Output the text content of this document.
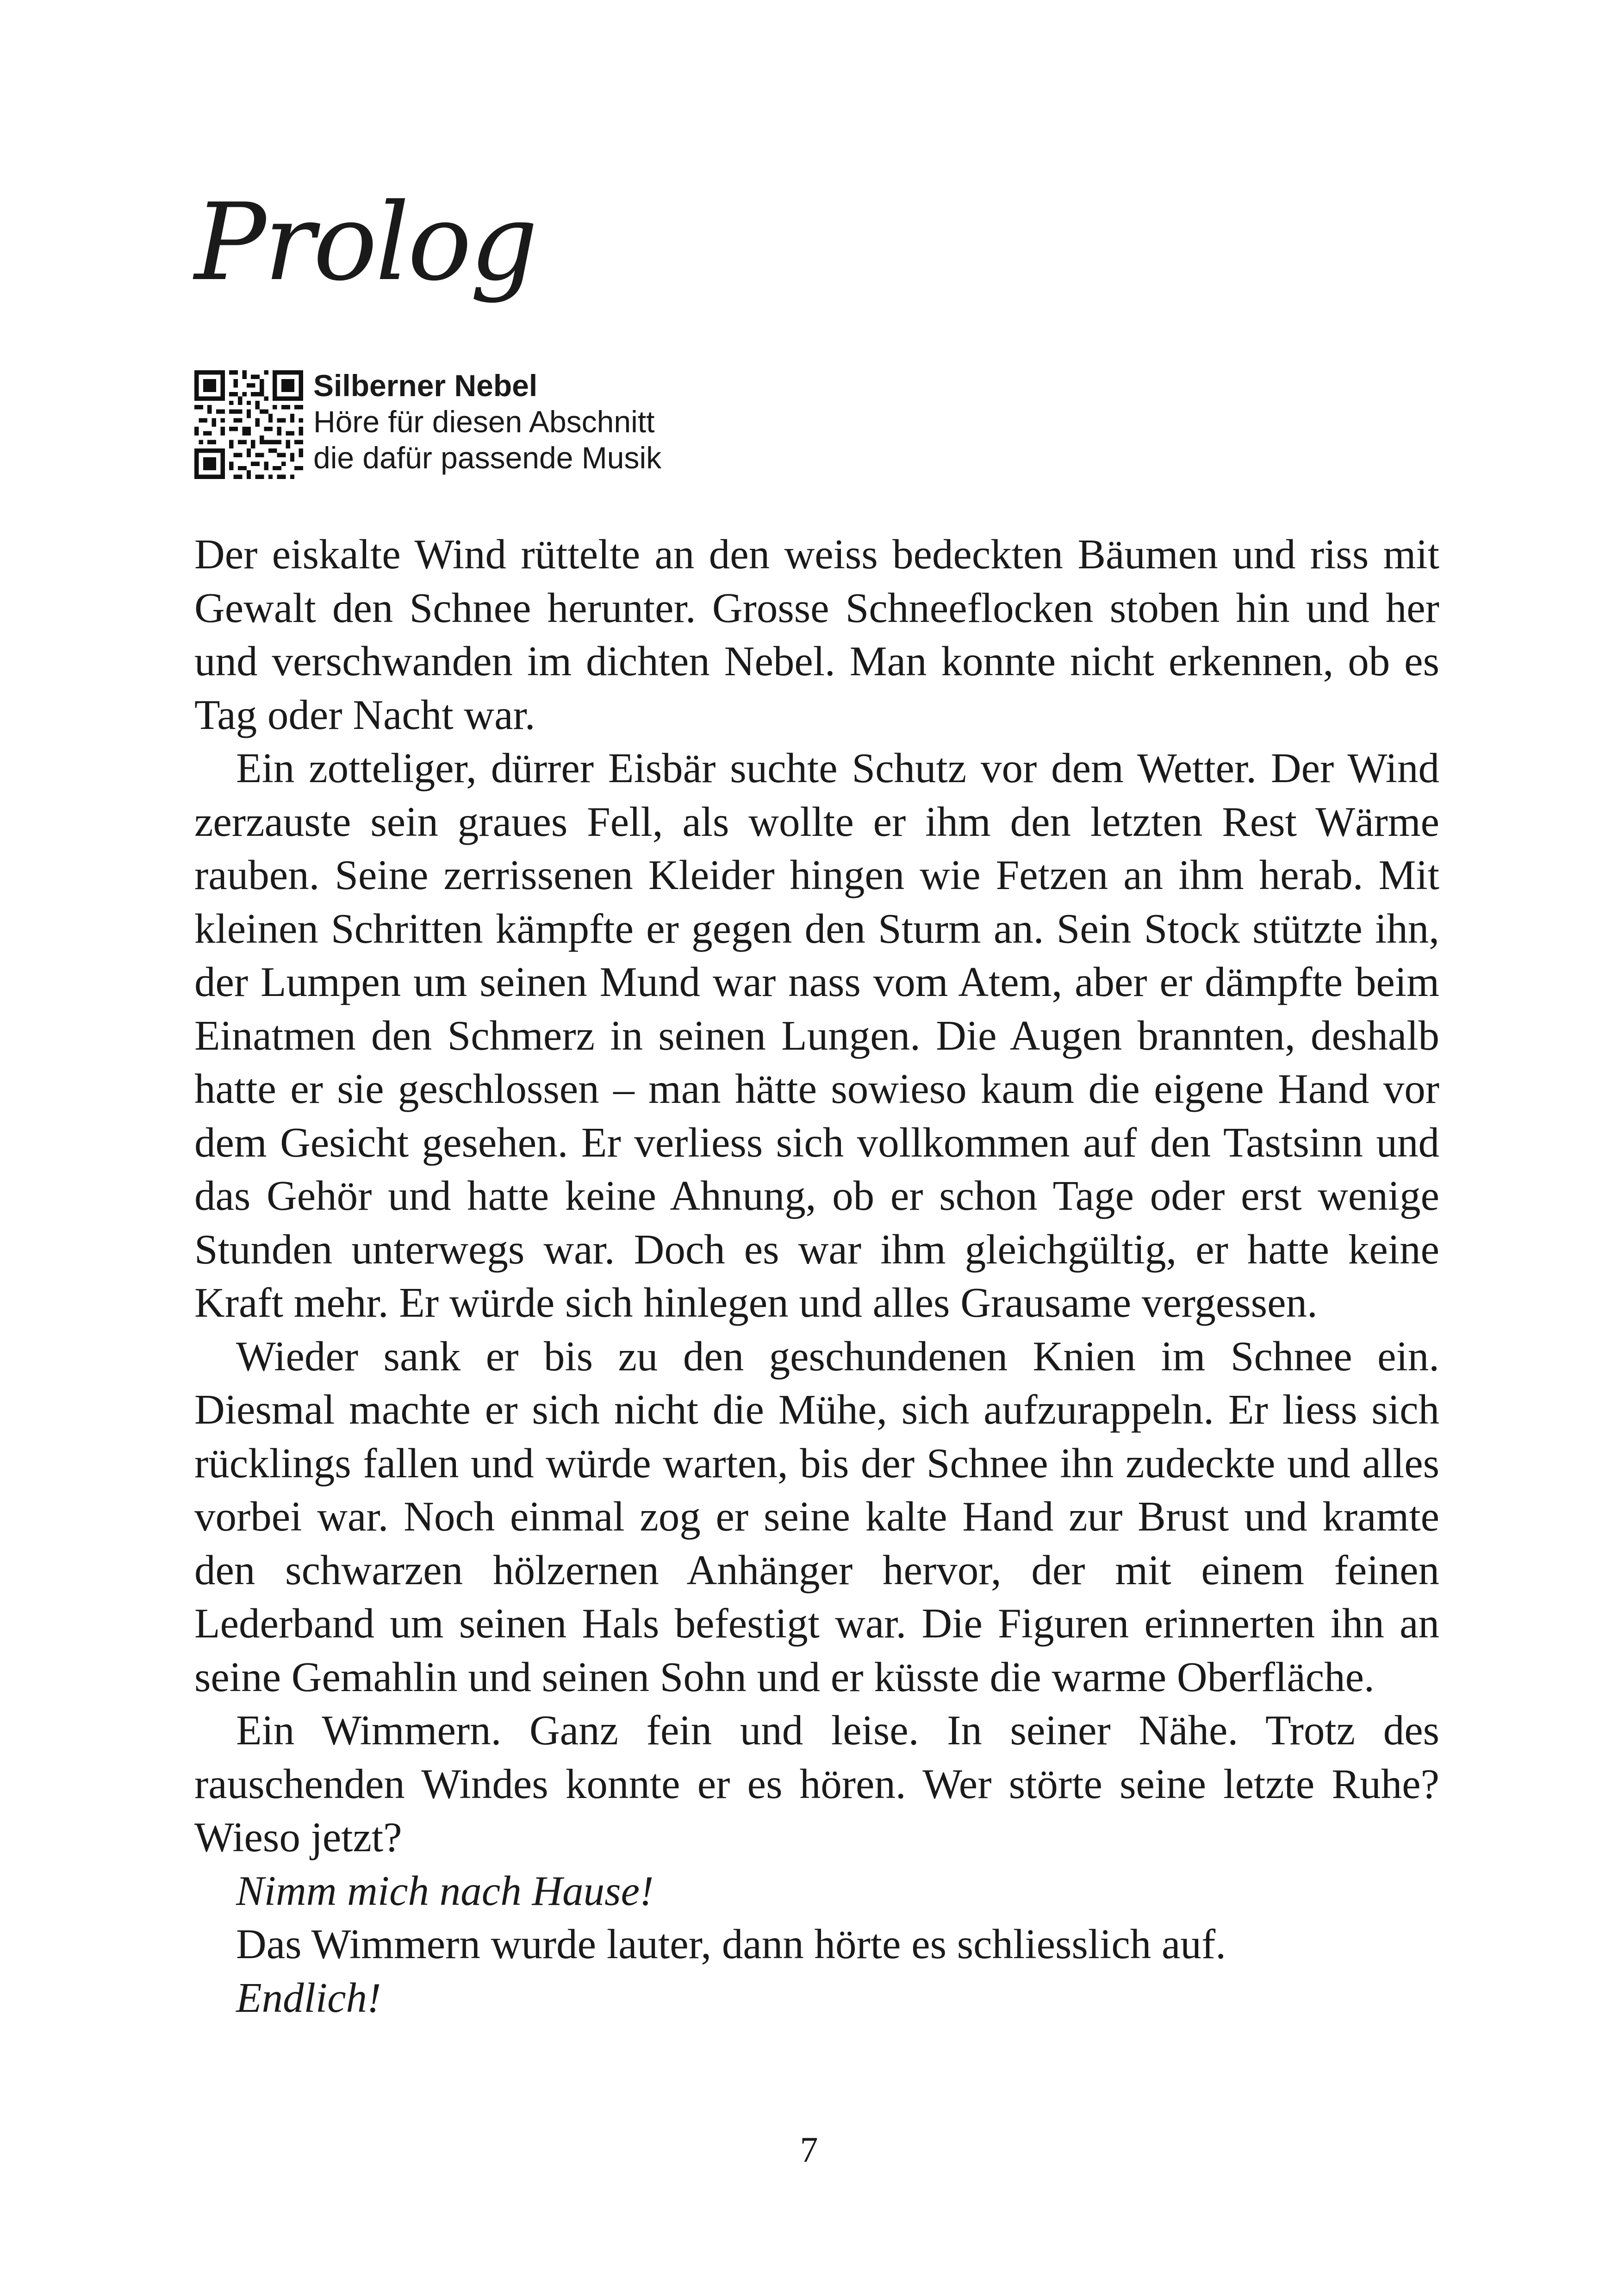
Prolog
Silberner Nebel
Höre für diesen Abschnitt
die dafür passende Musik

Der eiskalte Wind rüttelte an den weiss bedeckten Bäumen und riss mit Gewalt den Schnee herunter. Grosse Schneeflocken stoben hin und her und verschwanden im dichten Nebel. Man konnte nicht erkennen, ob es Tag oder Nacht war.

Ein zotteliger, dürrer Eisbär suchte Schutz vor dem Wetter. Der Wind zerzauste sein graues Fell, als wollte er ihm den letzten Rest Wärme rauben. Seine zerrissenen Kleider hingen wie Fetzen an ihm herab. Mit kleinen Schritten kämpfte er gegen den Sturm an. Sein Stock stützte ihn, der Lumpen um seinen Mund war nass vom Atem, aber er dämpfte beim Einatmen den Schmerz in seinen Lungen. Die Augen brannten, deshalb hatte er sie geschlossen – man hätte sowieso kaum die eigene Hand vor dem Gesicht gesehen. Er verliess sich vollkommen auf den Tastsinn und das Gehör und hatte keine Ahnung, ob er schon Tage oder erst wenige Stunden unterwegs war. Doch es war ihm gleichgültig, er hatte keine Kraft mehr. Er würde sich hinlegen und alles Grausame vergessen.

Wieder sank er bis zu den geschundenen Knien im Schnee ein. Diesmal machte er sich nicht die Mühe, sich aufzurappeln. Er liess sich rücklings fallen und würde warten, bis der Schnee ihn zudeckte und alles vorbei war. Noch einmal zog er seine kalte Hand zur Brust und kramte den schwarzen hölzernen Anhänger hervor, der mit einem feinen Lederband um seinen Hals befestigt war. Die Figuren erinnerten ihn an seine Gemahlin und seinen Sohn und er küsste die warme Oberfläche.

Ein Wimmern. Ganz fein und leise. In seiner Nähe. Trotz des rauschenden Windes konnte er es hören. Wer störte seine letzte Ruhe? Wieso jetzt?

Nimm mich nach Hause!

Das Wimmern wurde lauter, dann hörte es schliesslich auf.

Endlich!

7
